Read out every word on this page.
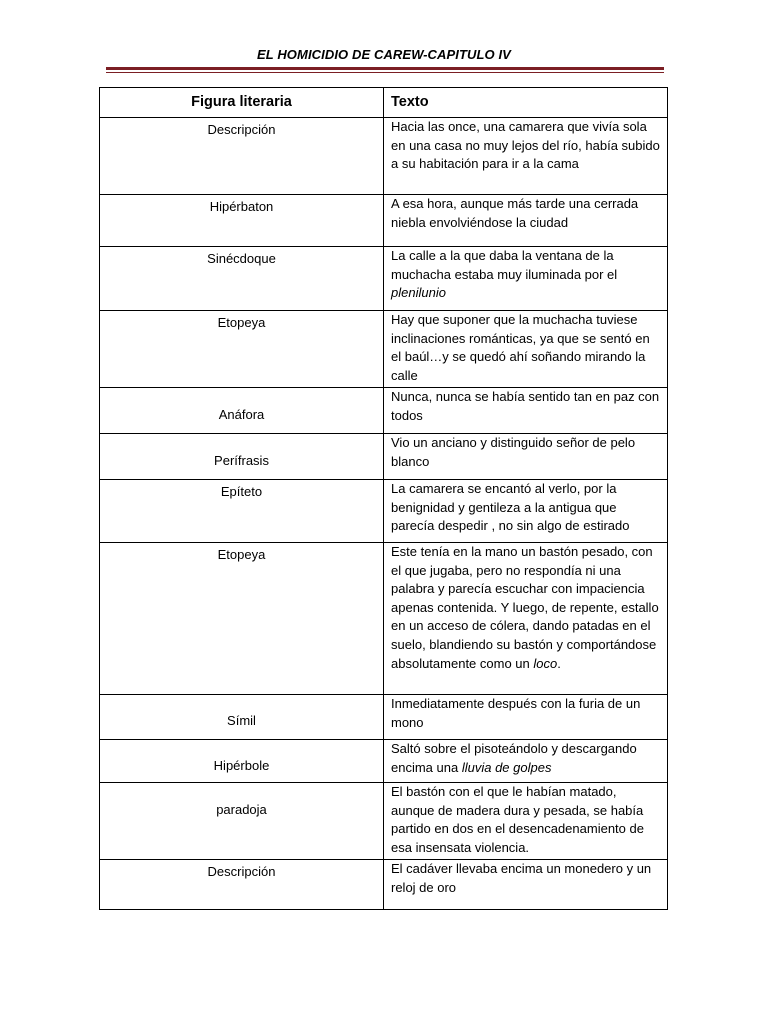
EL HOMICIDIO DE CAREW-CAPITULO IV
Figura literaria	Texto
Descripción	Hacia las once, una camarera que vivía sola en una casa no muy lejos del río, había subido a su habitación para ir a la cama
Hipérbaton	A esa hora, aunque más tarde una cerrada niebla envolviéndose la ciudad
Sinécdoque	La calle a la que daba la ventana de la muchacha estaba muy iluminada por el plenilunio
Etopeya	Hay que suponer que la muchacha tuviese inclinaciones románticas, ya que se sentó en el baúl…y se quedó ahí soñando mirando la calle
Anáfora	Nunca, nunca se había sentido tan en paz con todos
Perífrasis	Vio un anciano y distinguido señor de pelo blanco
Epíteto	La camarera se encantó al verlo, por la benignidad y gentileza a la antigua que parecía despedir , no sin algo de estirado
Etopeya	Este tenía en la mano un bastón pesado, con el que jugaba, pero no respondía ni una palabra y parecía escuchar con impaciencia apenas contenida. Y luego, de repente, estallo en un acceso de cólera, dando patadas en el suelo, blandiendo su bastón y comportándose absolutamente como un loco.
Símil	Inmediatamente después con la furia de un mono
Hipérbole	Saltó sobre el pisoteándolo y descargando encima una lluvia de golpes
paradoja	El bastón con el que le habían matado, aunque de madera dura y pesada, se había partido en dos en el desencadenamiento de esa insensata violencia.
Descripción	El cadáver llevaba encima un monedero y un reloj de oro
